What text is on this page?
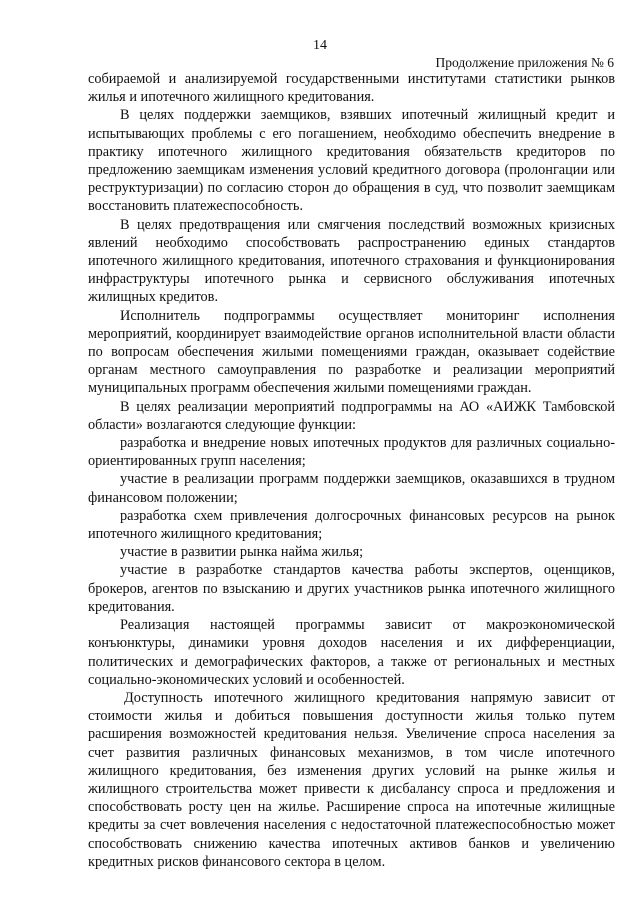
14
Продолжение приложения № 6

собираемой и анализируемой государственными институтами статистики рынков жилья и ипотечного жилищного кредитования.

В целях поддержки заемщиков, взявших ипотечный жилищный кредит и испытывающих проблемы с его погашением, необходимо обеспечить внедрение в практику ипотечного жилищного кредитования обязательств кредиторов по предложению заемщикам изменения условий кредитного договора (пролонгации или реструктуризации) по согласию сторон до обращения в суд, что позволит заемщикам восстановить платежеспособность.

В целях предотвращения или смягчения последствий возможных кризисных явлений необходимо способствовать распространению единых стандартов ипотечного жилищного кредитования, ипотечного страхования и функционирования инфраструктуры ипотечного рынка и сервисного обслуживания ипотечных жилищных кредитов.

Исполнитель подпрограммы осуществляет мониторинг исполнения мероприятий, координирует взаимодействие органов исполнительной власти области по вопросам обеспечения жилыми помещениями граждан, оказывает содействие органам местного самоуправления по разработке и реализации мероприятий муниципальных программ обеспечения жилыми помещениями граждан.

В целях реализации мероприятий подпрограммы на АО «АИЖК Тамбовской области» возлагаются следующие функции:

разработка и внедрение новых ипотечных продуктов для различных социально-ориентированных групп населения;

участие в реализации программ поддержки заемщиков, оказавшихся в трудном финансовом положении;

разработка схем привлечения долгосрочных финансовых ресурсов на рынок ипотечного жилищного кредитования;

участие в развитии рынка найма жилья;

участие в разработке стандартов качества работы экспертов, оценщиков, брокеров, агентов по взысканию и других участников рынка ипотечного жилищного кредитования.

Реализация настоящей программы зависит от макроэкономической конъюнктуры, динамики уровня доходов населения и их дифференциации, политических и демографических факторов, а также от региональных и местных социально-экономических условий и особенностей.

Доступность ипотечного жилищного кредитования напрямую зависит от стоимости жилья и добиться повышения доступности жилья только путем расширения возможностей кредитования нельзя. Увеличение спроса населения за счет развития различных финансовых механизмов, в том числе ипотечного жилищного кредитования, без изменения других условий на рынке жилья и жилищного строительства может привести к дисбалансу спроса и предложения и способствовать росту цен на жилье. Расширение спроса на ипотечные жилищные кредиты за счет вовлечения населения с недостаточной платежеспособностью может способствовать снижению качества ипотечных активов банков и увеличению кредитных рисков финансового сектора в целом.
